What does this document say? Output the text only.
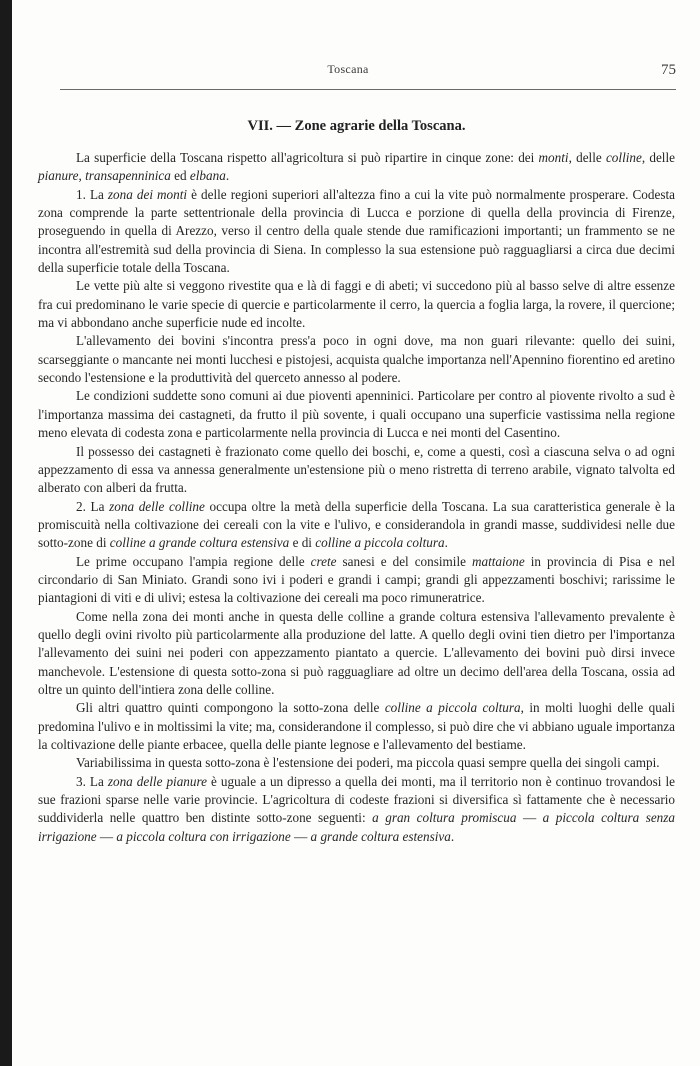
Toscana	75
VII. — Zone agrarie della Toscana.

La superficie della Toscana rispetto all'agricoltura si può ripartire in cinque zone: dei monti, delle colline, delle pianure, transapenninica ed elbana.

1. La zona dei monti è delle regioni superiori all'altezza fino a cui la vite può normalmente prosperare. Codesta zona comprende la parte settentrionale della provincia di Lucca e porzione di quella della provincia di Firenze, proseguendo in quella di Arezzo, verso il centro della quale stende due ramificazioni importanti; un frammento se ne incontra all'estremità sud della provincia di Siena. In complesso la sua estensione può ragguagliarsi a circa due decimi della superficie totale della Toscana.

Le vette più alte si veggono rivestite qua e là di faggi e di abeti; vi succedono più al basso selve di altre essenze fra cui predominano le varie specie di quercie e particolarmente il cerro, la quercia a foglia larga, la rovere, il quercione; ma vi abbondano anche superficie nude ed incolte.

L'allevamento dei bovini s'incontra press'a poco in ogni dove, ma non guari rilevante: quello dei suini, scarseggiante o mancante nei monti lucchesi e pistojesi, acquista qualche importanza nell'Apennino fiorentino ed aretino secondo l'estensione e la produttività del querceto annesso al podere.

Le condizioni suddette sono comuni ai due pioventi apenninici. Particolare per contro al piovente rivolto a sud è l'importanza massima dei castagneti, da frutto il più sovente, i quali occupano una superficie vastissima nella regione meno elevata di codesta zona e particolarmente nella provincia di Lucca e nei monti del Casentino.

Il possesso dei castagneti è frazionato come quello dei boschi, e, come a questi, così a ciascuna selva o ad ogni appezzamento di essa va annessa generalmente un'estensione più o meno ristretta di terreno arabile, vignato talvolta ed alberato con alberi da frutta.

2. La zona delle colline occupa oltre la metà della superficie della Toscana. La sua caratteristica generale è la promiscuità nella coltivazione dei cereali con la vite e l'ulivo, e considerandola in grandi masse, suddividesi nelle due sotto-zone di colline a grande coltura estensiva e di colline a piccola coltura.

Le prime occupano l'ampia regione delle crete sanesi e del consimile mattaione in provincia di Pisa e nel circondario di San Miniato. Grandi sono ivi i poderi e grandi i campi; grandi gli appezzamenti boschivi; rarissime le piantagioni di viti e di ulivi; estesa la coltivazione dei cereali ma poco rimuneratrice.

Come nella zona dei monti anche in questa delle colline a grande coltura estensiva l'allevamento prevalente è quello degli ovini rivolto più particolarmente alla produzione del latte. A quello degli ovini tien dietro per l'importanza l'allevamento dei suini nei poderi con appezzamento piantato a quercie. L'allevamento dei bovini può dirsi invece manchevole. L'estensione di questa sotto-zona si può ragguagliare ad oltre un decimo dell'area della Toscana, ossia ad oltre un quinto dell'intiera zona delle colline.

Gli altri quattro quinti compongono la sotto-zona delle colline a piccola coltura, in molti luoghi delle quali predomina l'ulivo e in moltissimi la vite; ma, considerandone il complesso, si può dire che vi abbiano uguale importanza la coltivazione delle piante erbacee, quella delle piante legnose e l'allevamento del bestiame.

Variabilissima in questa sotto-zona è l'estensione dei poderi, ma piccola quasi sempre quella dei singoli campi.

3. La zona delle pianure è uguale a un dipresso a quella dei monti, ma il territorio non è continuo trovandosi le sue frazioni sparse nelle varie provincie. L'agricoltura di codeste frazioni si diversifica sì fattamente che è necessario suddividerla nelle quattro ben distinte sotto-zone seguenti: a gran coltura promiscua — a piccola coltura senza irrigazione — a piccola coltura con irrigazione — a grande coltura estensiva.
